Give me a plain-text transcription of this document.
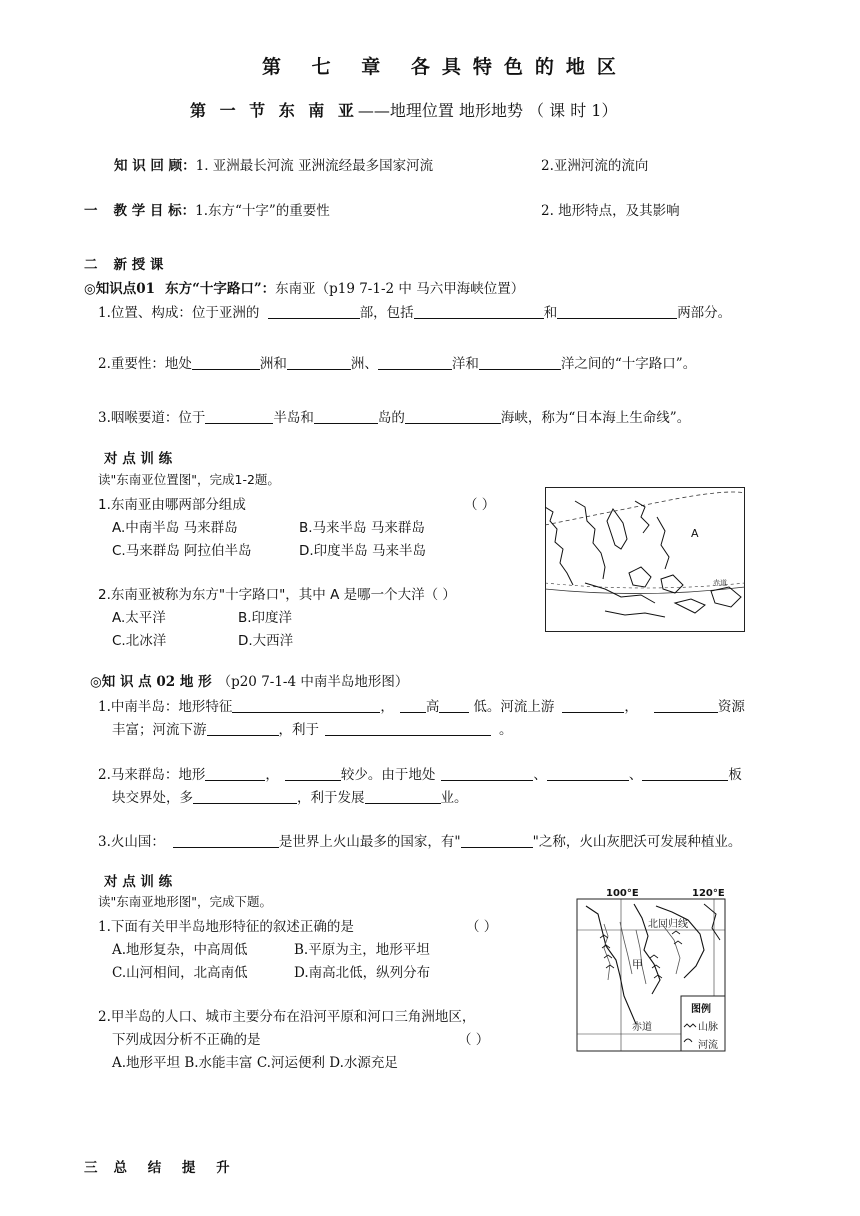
第 七 章 各具特色的地区
第 一 节 东 南 亚——地理位置 地形地势 （ 课 时 1）
知 识 回 顾：1. 亚洲最长河流 亚洲流经最多国家河流	2.亚洲河流的流向
一 教 学 目 标：1.东方“十字”的重要性	2. 地形特点，及其影响
二 新 授 课
◎知识点01 东方“十字路口”：东南亚（p19 7-1-2 中 马六甲海峡位置）
1.位置、构成：位于亚洲的	部，包括	和	两部分。
2.重要性：地处	洲和	洲、	洋和	洋之间的“十字路口”。
3.咽喉要道：位于	半岛和	岛的	海峡，称为“日本海上生命线”。
对 点 训 练
读"东南亚位置图"，完成1-2题。
1.东南亚由哪两部分组成	（ ）
A.中南半岛 马来群岛	B.马来半岛 马来群岛
C.马来群岛 阿拉伯半岛	D.印度半岛 马来半岛
2.东南亚被称为东方"十字路口"，其中 A 是哪一个大洋（ ）
A.太平洋	B.印度洋
C.北冰洋	D.大西洋
A
赤道
◎知 识 点 02 地 形 （p20 7-1-4 中南半岛地形图）
1.中南半岛：地形特征	， 高	低。河流上游	，	资源
丰富；河流下游	，利于	。
2.马来群岛：地形	，	较少。由于地处	、	、	板
块交界处，多	，利于发展	业。
3.火山国：	是世界上火山最多的国家，有"	"之称，火山灰肥沃可发展种植业。
对 点 训 练
读"东南亚地形图"，完成下题。
1.下面有关甲半岛地形特征的叙述正确的是	（ ）
A.地形复杂，中高周低	B.平原为主，地形平坦
C.山河相间，北高南低	D.南高北低，纵列分布
2.甲半岛的人口、城市主要分布在沿河平原和河口三角洲地区，
下列成因分析不正确的是	（ ）
A.地形平坦 B.水能丰富 C.河运便利 D.水源充足
100°E	120°E
北回归线
甲
赤道
图例
山脉
河流
三 总 结 提 升
